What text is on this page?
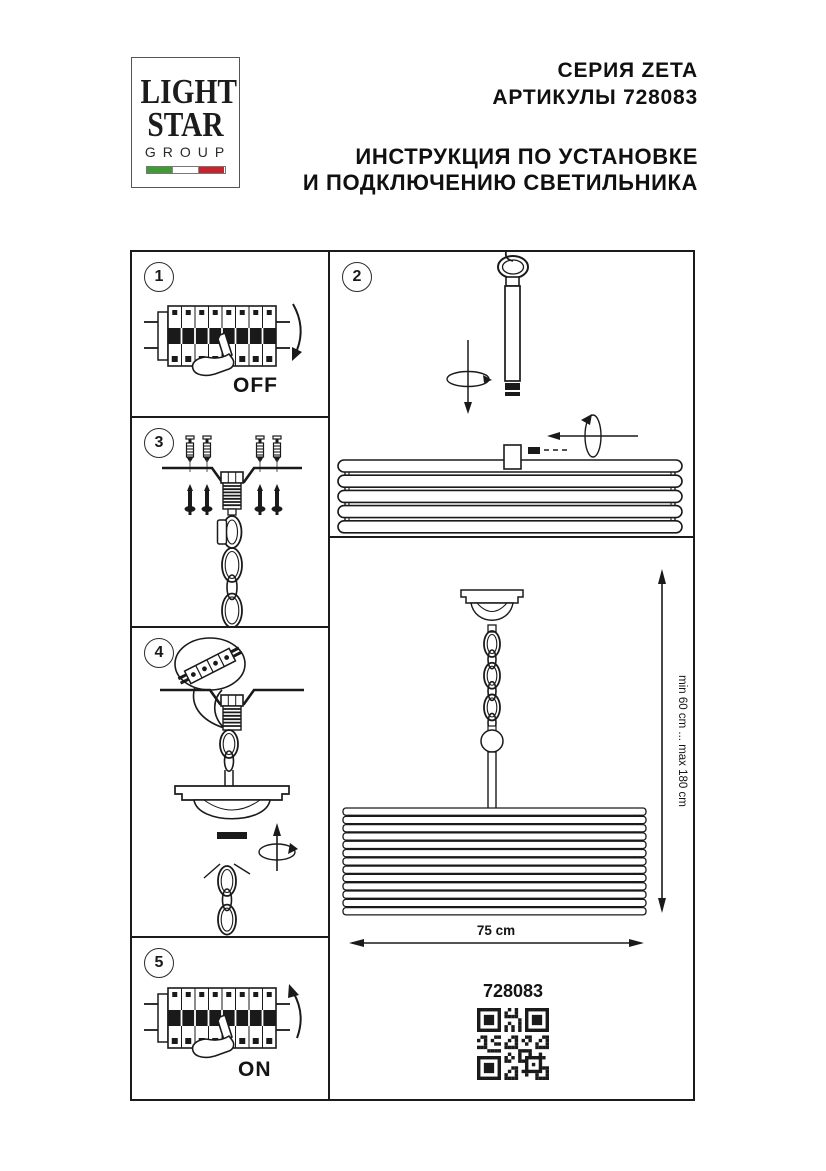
LIGHT
STAR
GROUP
СЕРИЯ ZETA
АРТИКУЛЫ 728083
ИНСТРУКЦИЯ ПО УСТАНОВКЕ
И ПОДКЛЮЧЕНИЮ СВЕТИЛЬНИКА
1
OFF
2
3
4
5
ON
min 60 cm ... max 180 cm
75 cm
728083
